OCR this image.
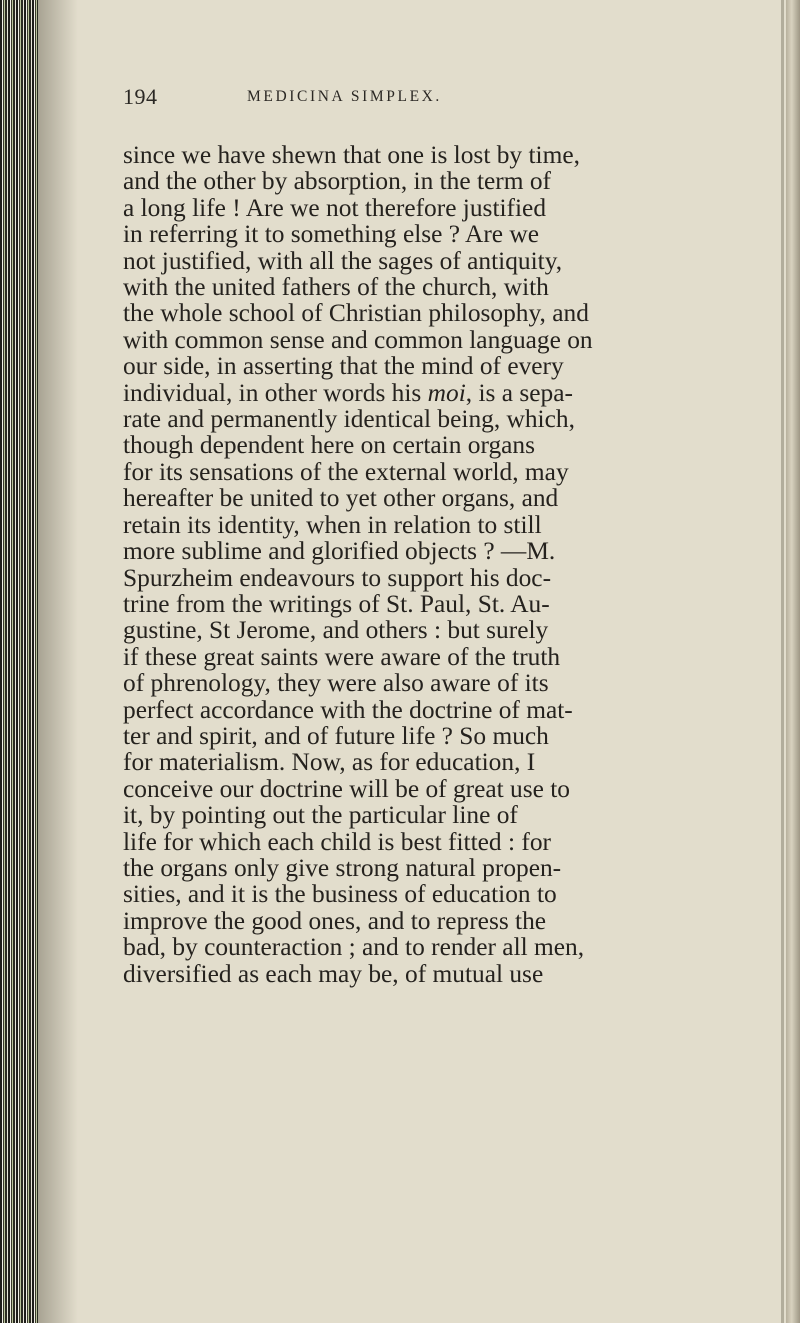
194	MEDICINA SIMPLEX.
since we have shewn that one is lost by time,
and the other by absorption, in the term of
a long life ! Are we not therefore justified
in referring it to something else ? Are we
not justified, with all the sages of antiquity,
with the united fathers of the church, with
the whole school of Christian philosophy, and
with common sense and common language on
our side, in asserting that the mind of every
individual, in other words his moi, is a sepa-
rate and permanently identical being, which,
though dependent here on certain organs
for its sensations of the external world, may
hereafter be united to yet other organs, and
retain its identity, when in relation to still
more sublime and glorified objects ? —M.
Spurzheim endeavours to support his doc-
trine from the writings of St. Paul, St. Au-
gustine, St Jerome, and others : but surely
if these great saints were aware of the truth
of phrenology, they were also aware of its
perfect accordance with the doctrine of mat-
ter and spirit, and of future life ? So much
for materialism. Now, as for education, I
conceive our doctrine will be of great use to
it, by pointing out the particular line of
life for which each child is best fitted : for
the organs only give strong natural propen-
sities, and it is the business of education to
improve the good ones, and to repress the
bad, by counteraction ; and to render all men,
diversified as each may be, of mutual use
